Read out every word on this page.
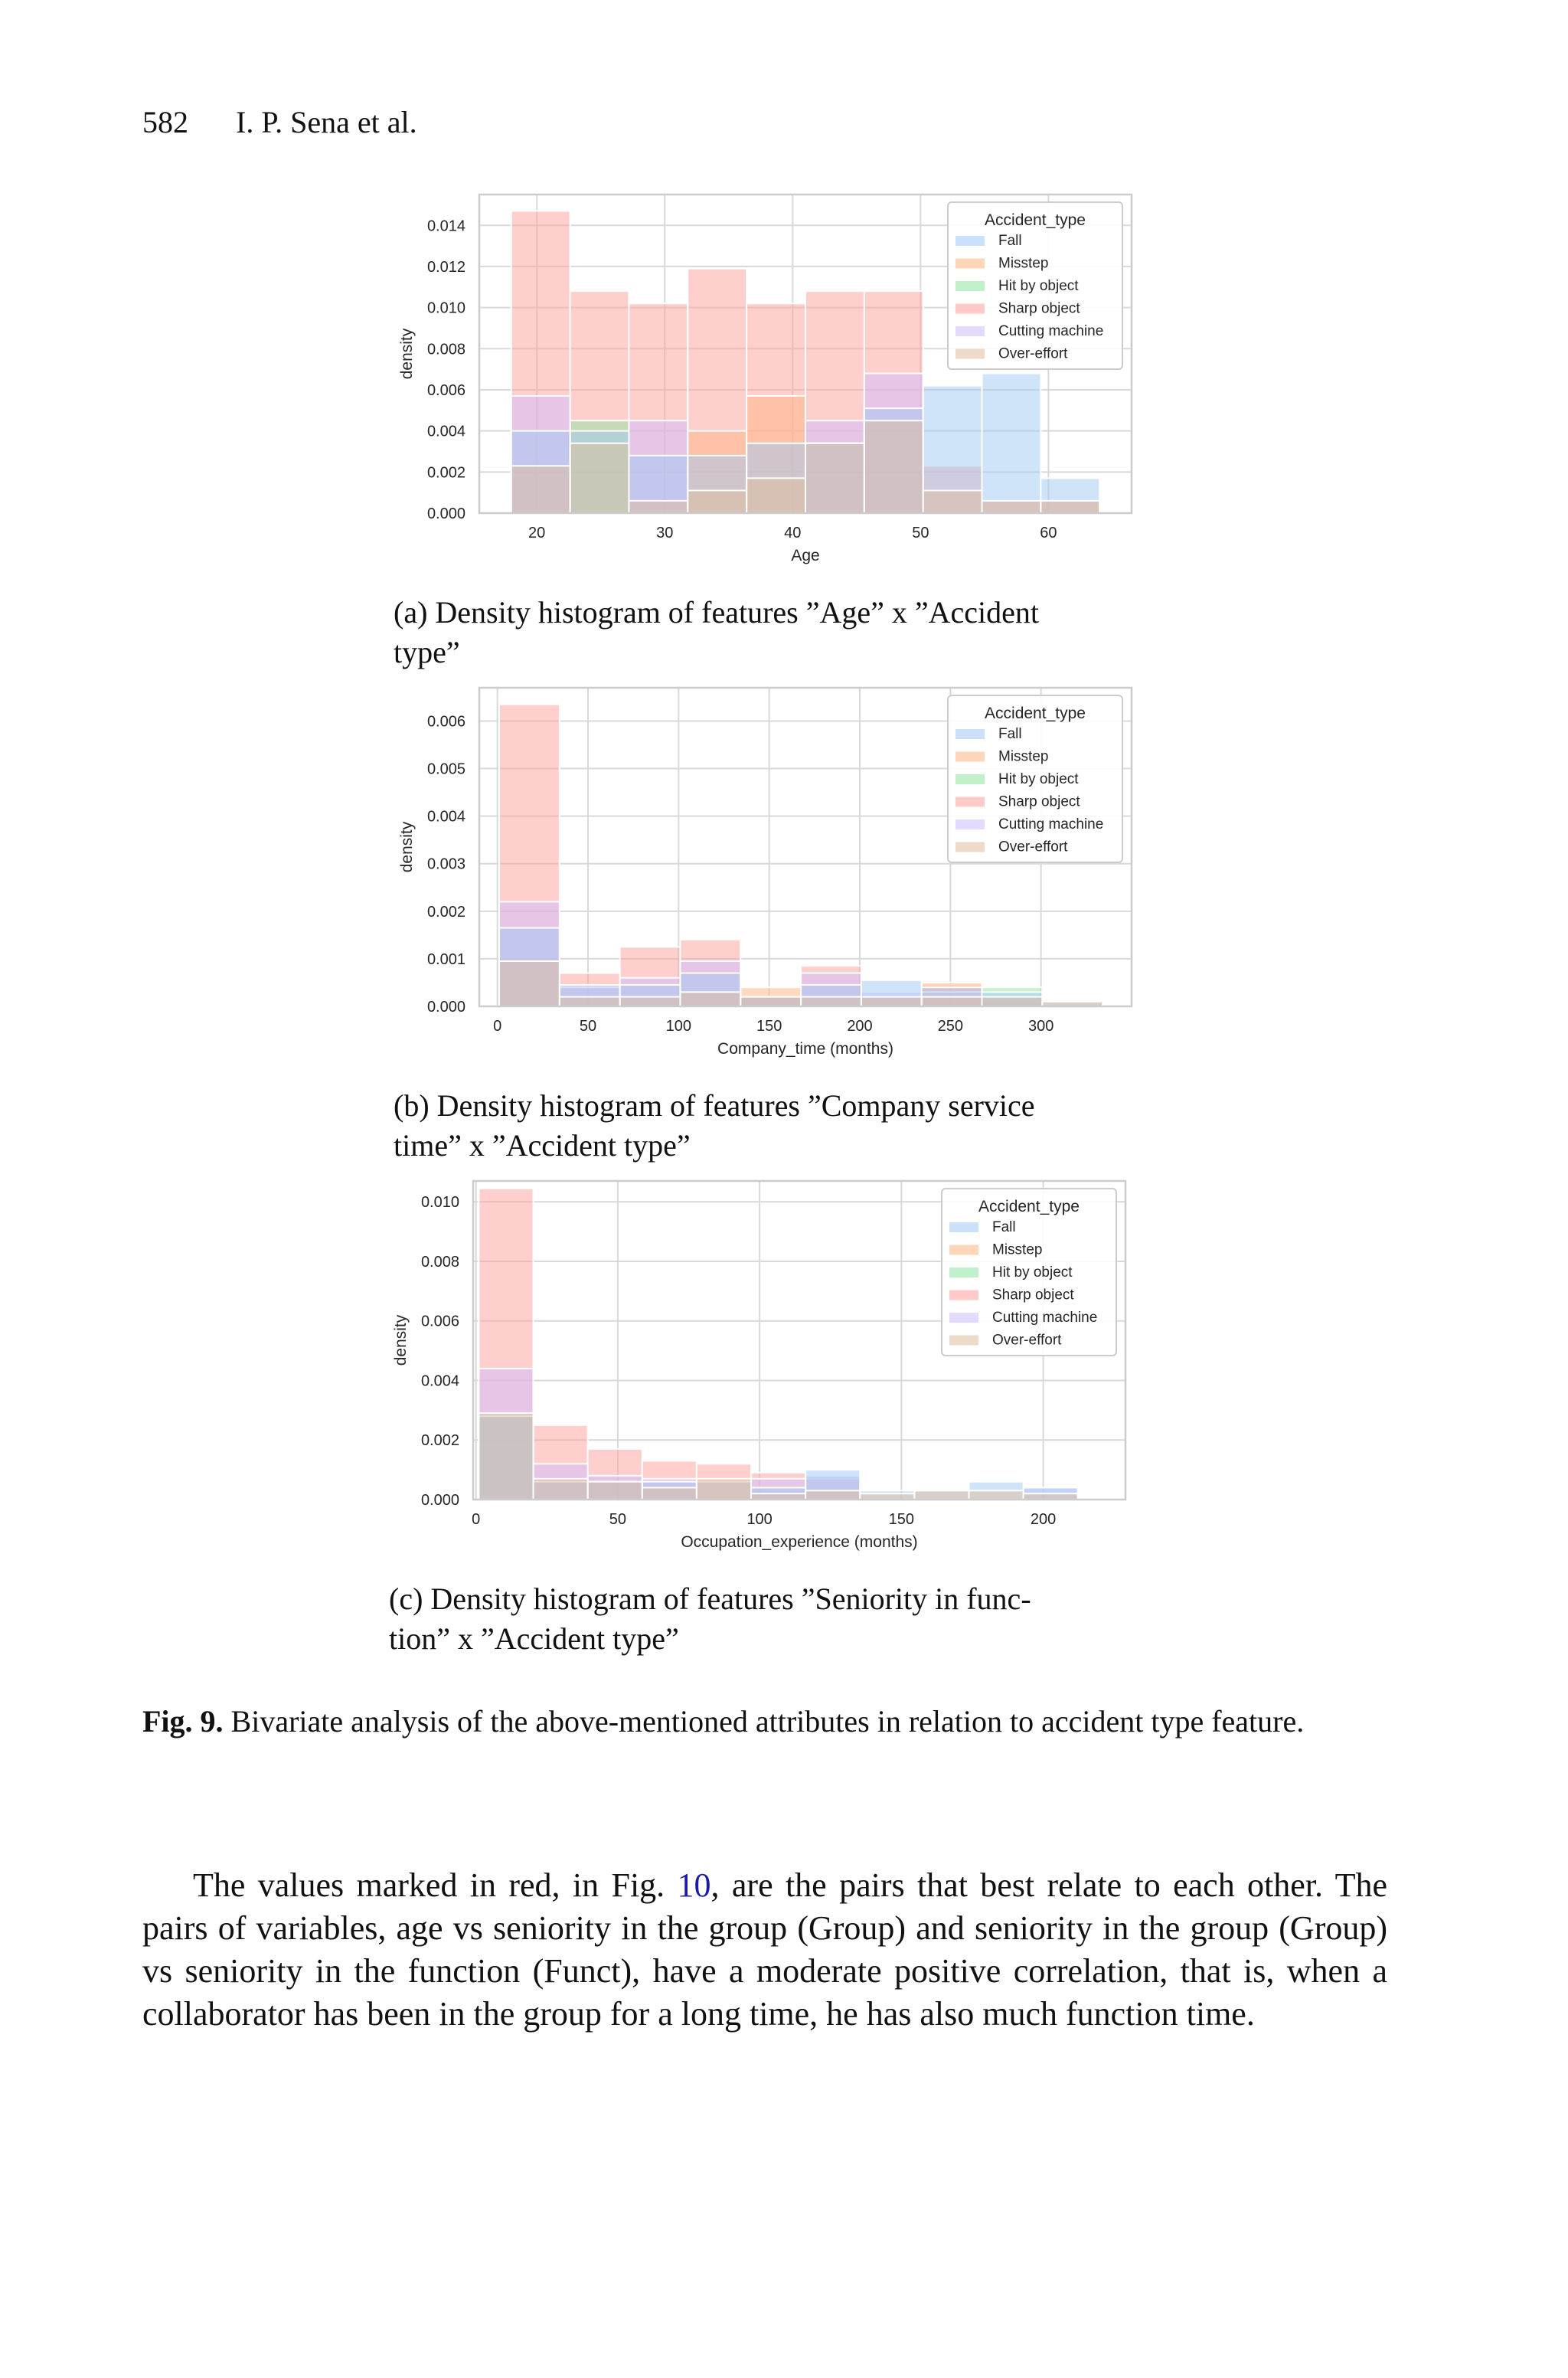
582 I. P. Sena et al.
0.000
0.002
0.004
0.006
0.008
0.010
0.012
0.014
20	30	40	50	60
Age
density
Accident_type
Fall
Misstep
Hit by object
Sharp object
Cutting machine
Over-effort
(a) Density histogram of features ”Age” x ”Accident
type”
0.000
0.001
0.002
0.003
0.004
0.005
0.006
0	50	100	150	200	250	300
Company_time (months)
density
Accident_type
Fall
Misstep
Hit by object
Sharp object
Cutting machine
Over-effort
(b) Density histogram of features ”Company service
time” x ”Accident type”
0.000
0.002
0.004
0.006
0.008
0.010
0	50	100	150	200
Occupation_experience (months)
density
Accident_type
Fall
Misstep
Hit by object
Sharp object
Cutting machine
Over-effort
(c) Density histogram of features ”Seniority in func-
tion” x ”Accident type”
Fig. 9. Bivariate analysis of the above-mentioned attributes in relation to accident type feature.
  The values marked in red, in Fig. 10, are the pairs that best relate to each other. The pairs of variables, age vs seniority in the group (Group) and seniority in the group (Group) vs seniority in the function (Funct), have a moderate positive correlation, that is, when a collaborator has been in the group for a long time, he has also much function time.
